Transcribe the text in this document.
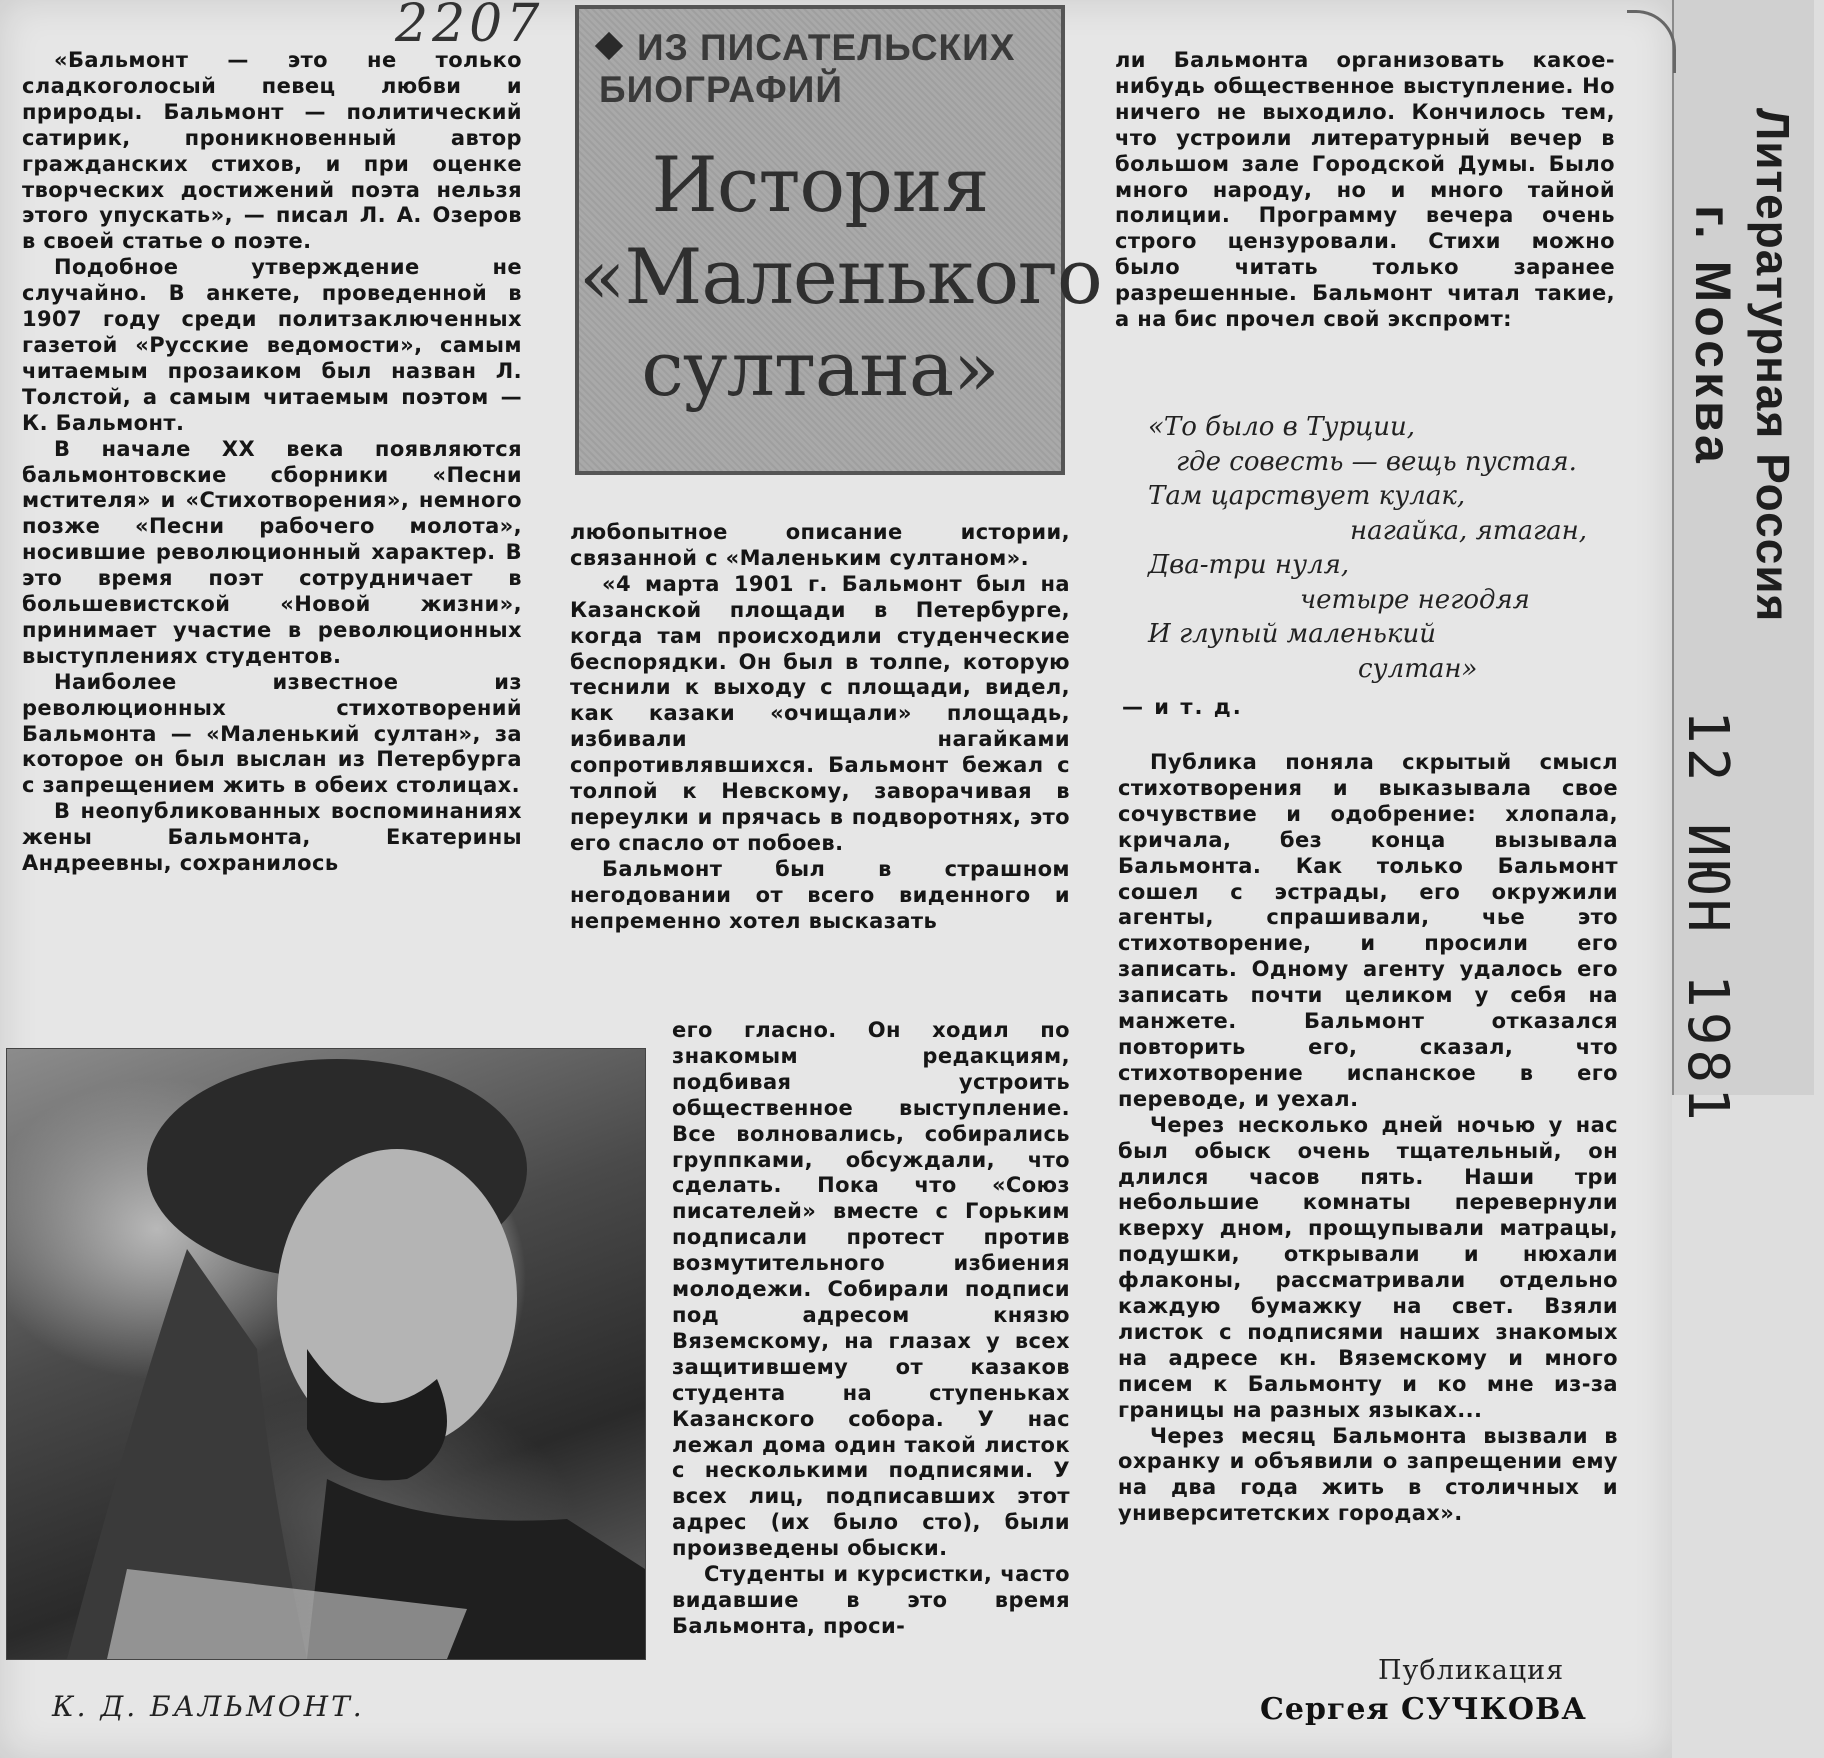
2207	ИЗ ПИСАТЕЛЬСКИХ БИОГРАФИЙ
История «Маленького султана»

«Бальмонт — это не только сладкоголосый певец любви и природы. Бальмонт — политический сатирик, проникновенный автор гражданских стихов, и при оценке творческих достижений поэта нельзя этого упускать», — писал Л. А. Озеров в своей статье о поэте.

Подобное утверждение не случайно. В анкете, проведенной в 1907 году среди политзаключенных газетой «Русские ведомости», самым читаемым прозаиком был назван Л. Толстой, а самым читаемым поэтом — К. Бальмонт.

В начале XX века появляются бальмонтовские сборники «Песни мстителя» и «Стихотворения», немного позже «Песни рабочего молота», носившие революционный характер. В это время поэт сотрудничает в большевистской «Новой жизни», принимает участие в революционных выступлениях студентов.

Наиболее известное из революционных стихотворений Бальмонта — «Маленький султан», за которое он был выслан из Петербурга с запрещением жить в обеих столицах.

В неопубликованных воспоминаниях жены Бальмонта, Екатерины Андреевны, сохранилось

любопытное описание истории, связанной с «Маленьким султаном».

«4 марта 1901 г. Бальмонт был на Казанской площади в Петербурге, когда там происходили студенческие беспорядки. Он был в толпе, которую теснили к выходу с площади, видел, как казаки «очищали» площадь, избивали нагайками сопротивлявшихся. Бальмонт бежал с толпой к Невскому, заворачивая в переулки и прячась в подворотнях, это его спасло от побоев.

Бальмонт был в страшном негодовании от всего виденного и непременно хотел высказать

его гласно. Он ходил по знакомым редакциям, подбивая устроить общественное выступление. Все волновались, собирались группками, обсуждали, что сделать. Пока что «Союз писателей» вместе с Горьким подписали протест против возмутительного избиения молодежи. Собирали подписи под адресом князю Вяземскому, на глазах у всех защитившему от казаков студента на ступеньках Казанского собора. У нас лежал дома один такой листок с несколькими подписями. У всех лиц, подписавших этот адрес (их было сто), были произведены обыски.

Студенты и курсистки, часто видавшие в это время Бальмонта, проси-

ли Бальмонта организовать какое-нибудь общественное выступление. Но ничего не выходило. Кончилось тем, что устроили литературный вечер в большом зале Городской Думы. Было много народу, но и много тайной полиции. Программу вечера очень строго цензуровали. Стихи можно было читать только заранее разрешенные. Бальмонт читал такие, а на бис прочел свой экспромт:

«То было в Турции,
где совесть — вещь пустая.
Там царствует кулак,
нагайка, ятаган,
Два-три нуля,
четыре негодяя
И глупый маленький
султан»
— и т. д.

Публика поняла скрытый смысл стихотворения и выказывала свое сочувствие и одобрение: хлопала, кричала, без конца вызывала Бальмонта. Как только Бальмонт сошел с эстрады, его окружили агенты, спрашивали, чье это стихотворение, и просили его записать. Одному агенту удалось его записать почти целиком у себя на манжете. Бальмонт отказался повторить его, сказал, что стихотворение испанское в его переводе, и уехал.

Через несколько дней ночью у нас был обыск очень тщательный, он длился часов пять. Наши три небольшие комнаты перевернули кверху дном, прощупывали матрацы, подушки, открывали и нюхали флаконы, рассматривали отдельно каждую бумажку на свет. Взяли листок с подписями наших знакомых на адресе кн. Вяземскому и много писем к Бальмонту и ко мне из-за границы на разных языках...

Через месяц Бальмонта вызвали в охранку и объявили о запрещении ему на два года жить в столичных и университетских городах».

К. Д. БАЛЬМОНТ.
Публикация
Сергея СУЧКОВА
Литературная Россия
г. Москва
12 ИЮН 1981
